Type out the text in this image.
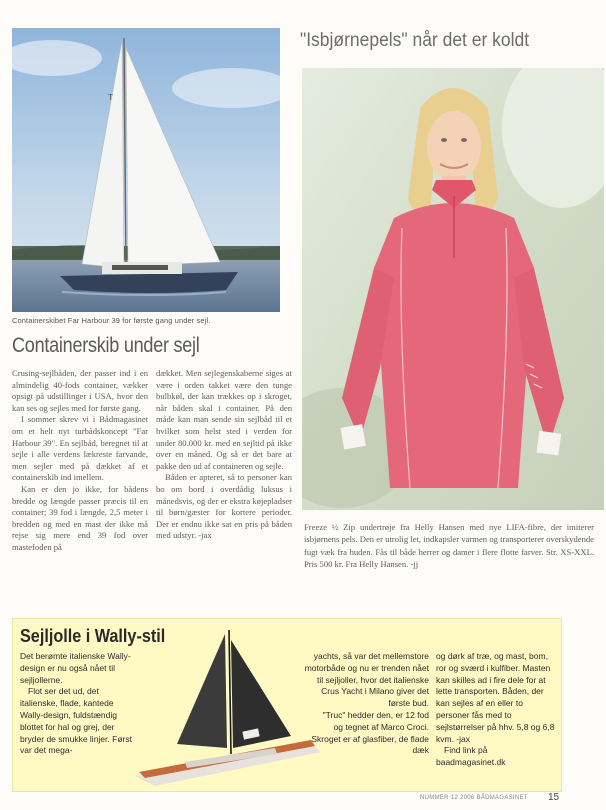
T
Containerskibet Far Harbour 39 for første gang under sejl.
Containerskib under sejl

Crusing-sejlbåden, der passer ind i en almindelig 40-fods container, vækker opsigt på udstillinger i USA, hvor den kan ses og sejles med for første gang.

I sommer skrev vi i Bådmagasinet om et helt nyt turbådskoncept "Far Harbour 39". En sejlbåd, beregnet til at sejle i alle verdens lækreste farvande, men sejler med på dækket af et containerskib ind imellem.

Kan er den jo ikke, for bådens bredde og længde passer præcis til en container; 39 fod i længde, 2,5 meter i bredden og med en mast der ikke må rejse sig mere end 39 fod over mastefoden på

dækket. Men sejlegenskaberne siges at være i orden takket være den tunge bulbkøl, der kan trækkes op i skroget, når båden skal i container. På den måde kan man sende sin sejlbåd til et hvilket som helst sted i verden for under 80.000 kr. med en sejltid på ikke over en måned. Og så er det bare at pakke den ud af containeren og sejle.

Båden er apteret, så to personer kan bo om bord i overdådig luksus i månedsvis, og der er ekstra køjepladser til børn/gæster for kortere perioder. Der er endnu ikke sat en pris på båden med udstyr. -jax

"Isbjørnepels" når det er koldt
Freeze ½ Zip undertrøje fra Helly Hansen med nye LIFA-fibre, der imiterer isbjørnens pels. Den er utrolig let, indkapsler varmen og transporterer overskydende fugt væk fra huden. Fås til både herrer og damer i flere flotte farver. Str. XS-XXL. Pris 500 kr. Fra Helly Hansen. -jj
Sejljolle i Wally-stil

Det berømte italienske Wally-design er nu også nået til sejljollerne.

Flot ser det ud, det italienske, flade, kantede Wally-design, fuldstændig blottet for hal og grej, der bryder de smukke linjer. Først var det mega-

yachts, så var det mellemstore motorbåde og nu er trenden nået til sejljoller, hvor det italienske Crus Yacht i Milano giver det første bud.

"Truc" hedder den, er 12 fod og tegnet af Marco Croci. Skroget er af glasfiber, de flade dæk

og dørk af træ, og mast, bom, ror og sværd i kulfiber. Masten kan skilles ad i fire dele for at lette transporten. Båden, der kan sejles af en eller to personer fås med to sejlstørrelser på hhv. 5,8 og 6,8 kvm. -jax

Find link på baadmagasinet.dk

NUMMER 12 2006 BÅDMAGASINET 15
